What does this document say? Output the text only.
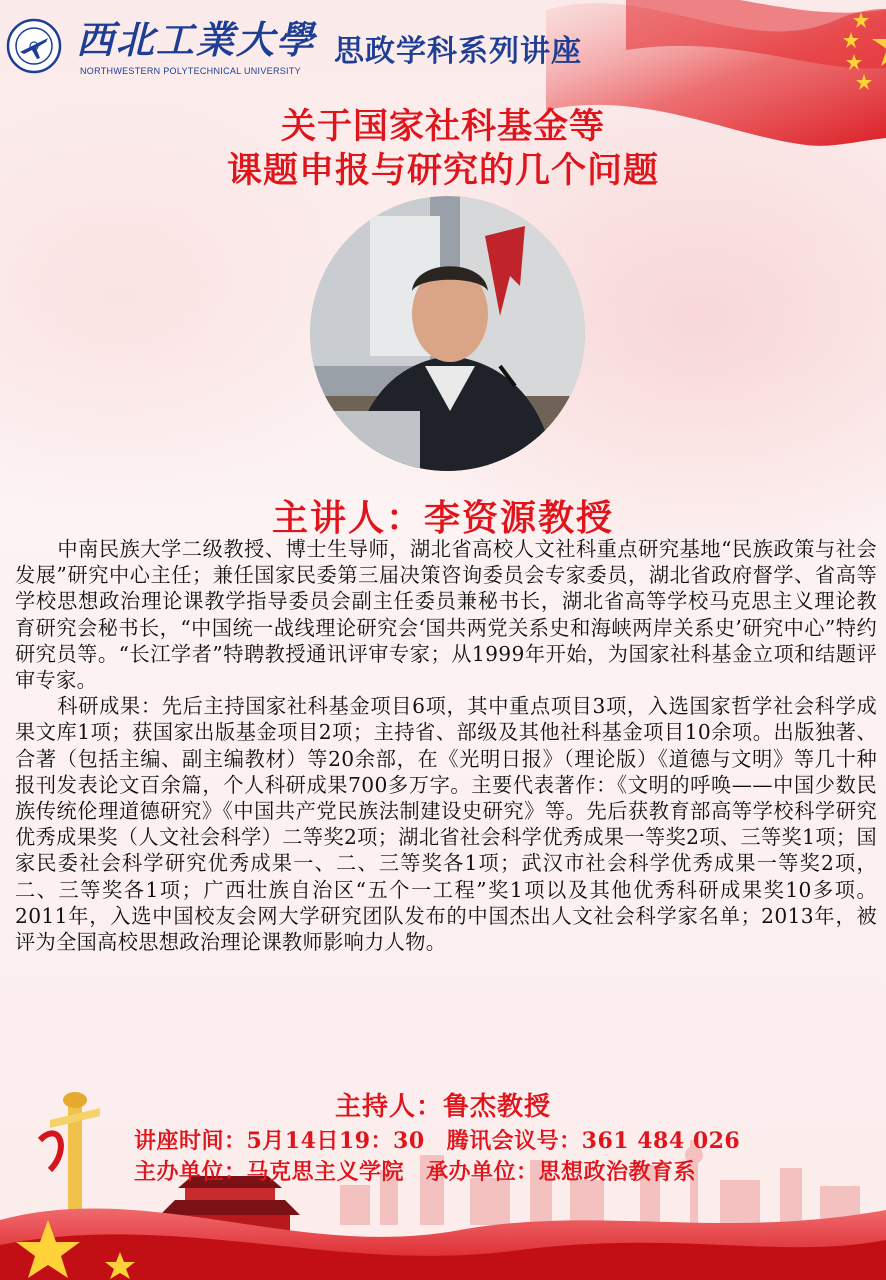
西北工業大學
NORTHWESTERN POLYTECHNICAL UNIVERSITY
思政学科系列讲座
关于国家社科基金等
课题申报与研究的几个问题
主讲人：李资源教授

中南民族大学二级教授、博士生导师，湖北省高校人文社科重点研究基地“民族政策与社会发展”研究中心主任；兼任国家民委第三届决策咨询委员会专家委员，湖北省政府督学、省高等学校思想政治理论课教学指导委员会副主任委员兼秘书长，湖北省高等学校马克思主义理论教育研究会秘书长，“中国统一战线理论研究会‘国共两党关系史和海峡两岸关系史’研究中心”特约研究员等。“长江学者”特聘教授通讯评审专家；从1999年开始，为国家社科基金立项和结题评审专家。

科研成果：先后主持国家社科基金项目6项，其中重点项目3项，入选国家哲学社会科学成果文库1项；获国家出版基金项目2项；主持省、部级及其他社科基金项目10余项。出版独著、合著（包括主编、副主编教材）等20余部，在《光明日报》（理论版）《道德与文明》等几十种报刊发表论文百余篇，个人科研成果700多万字。主要代表著作：《文明的呼唤——中国少数民族传统伦理道德研究》《中国共产党民族法制建设史研究》等。先后获教育部高等学校科学研究优秀成果奖（人文社会科学）二等奖2项；湖北省社会科学优秀成果一等奖2项、三等奖1项；国家民委社会科学研究优秀成果一、二、三等奖各1项；武汉市社会科学优秀成果一等奖2项，二、三等奖各1项；广西壮族自治区“五个一工程”奖1项以及其他优秀科研成果奖10多项。2011年，入选中国校友会网大学研究团队发布的中国杰出人文社会科学家名单；2013年，被评为全国高校思想政治理论课教师影响力人物。

主持人：鲁杰教授
讲座时间：5月14日19：30 腾讯会议号：361 484 026
主办单位：马克思主义学院 承办单位：思想政治教育系
